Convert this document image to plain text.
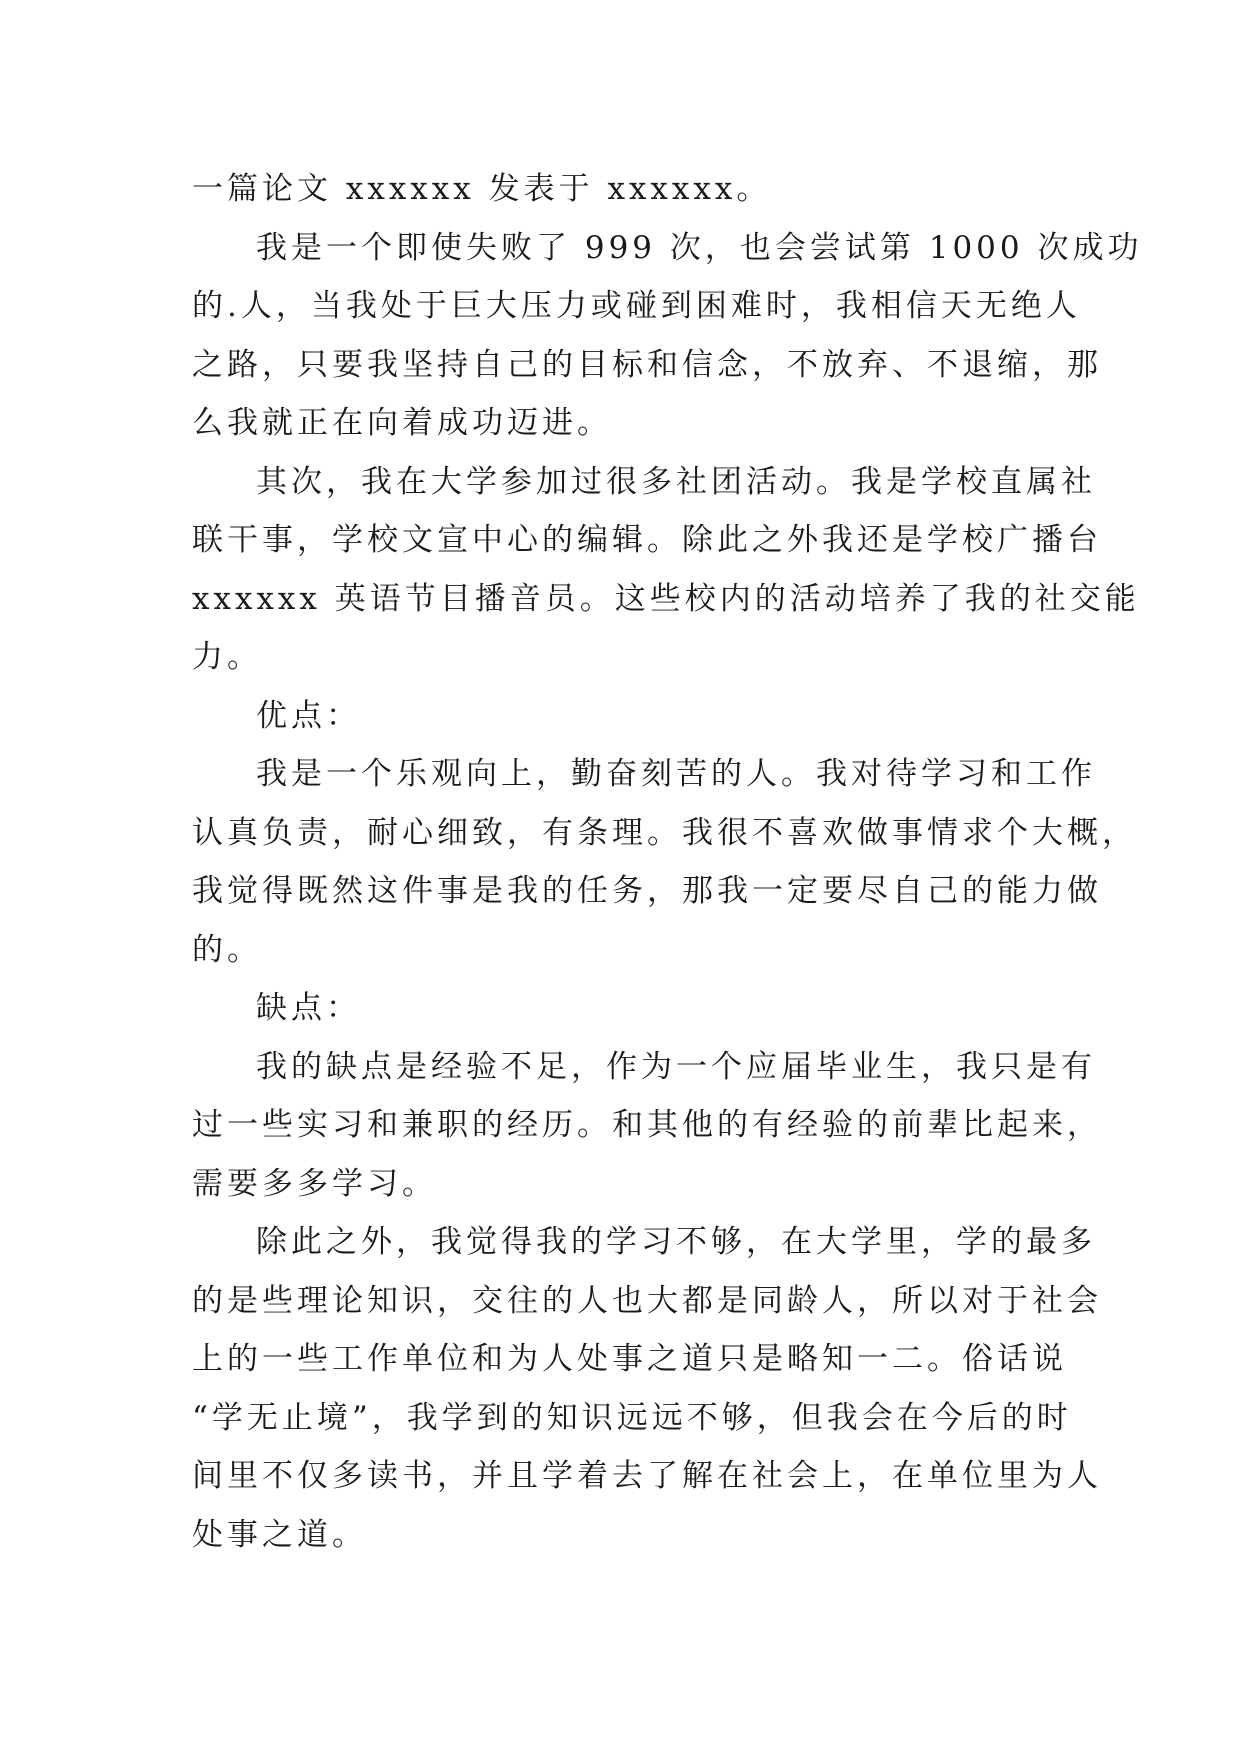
一篇论文 xxxxxx 发表于 xxxxxx。
我是一个即使失败了 999 次，也会尝试第 1000 次成功
的.人，当我处于巨大压力或碰到困难时，我相信天无绝人
之路，只要我坚持自己的目标和信念，不放弃、不退缩，那
么我就正在向着成功迈进。
其次，我在大学参加过很多社团活动。我是学校直属社
联干事，学校文宣中心的编辑。除此之外我还是学校广播台
xxxxxx 英语节目播音员。这些校内的活动培养了我的社交能
力。
优点：
我是一个乐观向上，勤奋刻苦的人。我对待学习和工作
认真负责，耐心细致，有条理。我很不喜欢做事情求个大概，
我觉得既然这件事是我的任务，那我一定要尽自己的能力做
的。
缺点：
我的缺点是经验不足，作为一个应届毕业生，我只是有
过一些实习和兼职的经历。和其他的有经验的前辈比起来，
需要多多学习。
除此之外，我觉得我的学习不够，在大学里，学的最多
的是些理论知识，交往的人也大都是同龄人，所以对于社会
上的一些工作单位和为人处事之道只是略知一二。俗话说
“学无止境”，我学到的知识远远不够，但我会在今后的时
间里不仅多读书，并且学着去了解在社会上，在单位里为人
处事之道。
